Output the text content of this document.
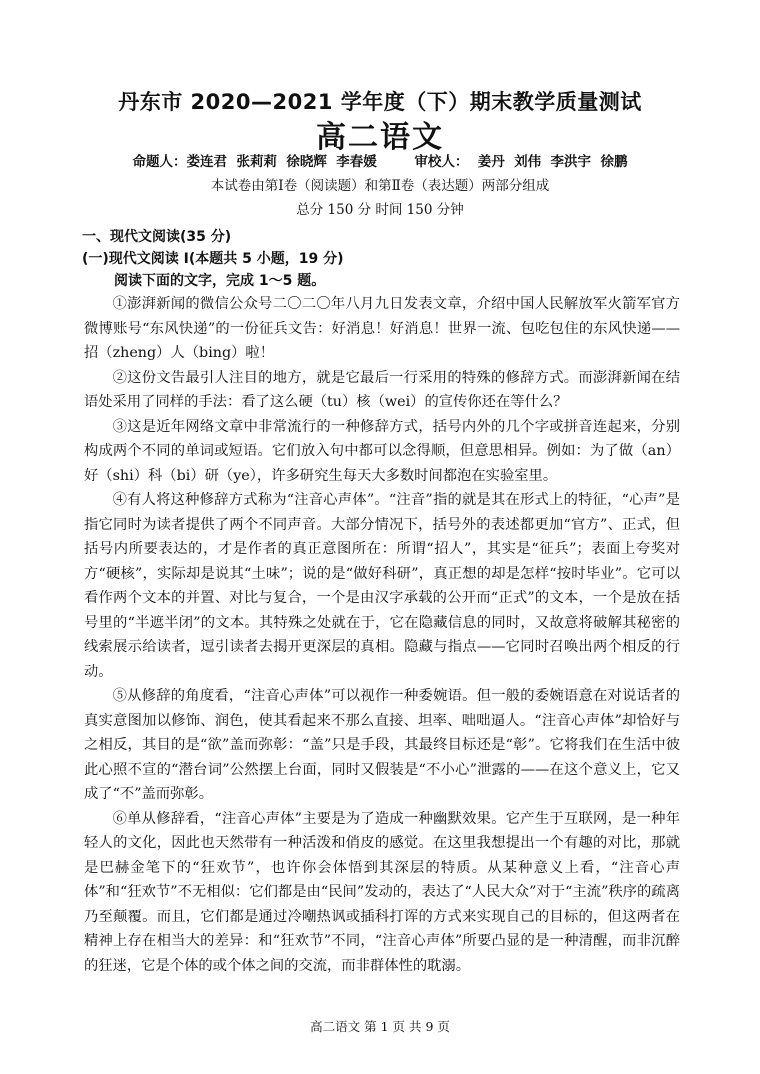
丹东市 2020—2021 学年度（下）期末教学质量测试
高二语文
命题人：娄连君  张莉莉  徐晓辉  李春媛        审校人：  姜丹  刘伟  李洪宇  徐鹏
本试卷由第Ⅰ卷（阅读题）和第Ⅱ卷（表达题）两部分组成
总分 150 分 时间 150 分钟
一、现代文阅读(35 分)
(一)现代文阅读 I(本题共 5 小题，19 分)
阅读下面的文字，完成 1～5 题。

①澎湃新闻的微信公众号二〇二〇年八月九日发表文章，介绍中国人民解放军火箭军官方微博账号“东风快递”的一份征兵文告：好消息！好消息！世界一流、包吃包住的东风快递——招（zheng）人（bing）啦！

②这份文告最引人注目的地方，就是它最后一行采用的特殊的修辞方式。而澎湃新闻在结语处采用了同样的手法：看了这么硬（tu）核（wei）的宣传你还在等什么？

③这是近年网络文章中非常流行的一种修辞方式，括号内外的几个字或拼音连起来，分别构成两个不同的单词或短语。它们放入句中都可以念得顺，但意思相异。例如：为了做（an）好（shi）科（bi）研（ye），许多研究生每天大多数时间都泡在实验室里。

④有人将这种修辞方式称为“注音心声体”。“注音”指的就是其在形式上的特征，“心声”是指它同时为读者提供了两个不同声音。大部分情况下，括号外的表述都更加“官方”、正式，但括号内所要表达的，才是作者的真正意图所在：所谓“招人”，其实是“征兵”；表面上夸奖对方“硬核”，实际却是说其“土味”；说的是“做好科研”，真正想的却是怎样“按时毕业”。它可以看作两个文本的并置、对比与复合，一个是由汉字承载的公开而“正式”的文本，一个是放在括号里的“半遮半闭”的文本。其特殊之处就在于，它在隐藏信息的同时，又故意将破解其秘密的线索展示给读者，逗引读者去揭开更深层的真相。隐藏与指点——它同时召唤出两个相反的行动。

⑤从修辞的角度看，“注音心声体”可以视作一种委婉语。但一般的委婉语意在对说话者的真实意图加以修饰、润色，使其看起来不那么直接、坦率、咄咄逼人。“注音心声体”却恰好与之相反，其目的是“欲”盖而弥彰：“盖”只是手段，其最终目标还是“彰”。它将我们在生活中彼此心照不宣的“潜台词”公然摆上台面，同时又假装是“不小心”泄露的——在这个意义上，它又成了“不”盖而弥彰。

⑥单从修辞看，“注音心声体”主要是为了造成一种幽默效果。它产生于互联网，是一种年轻人的文化，因此也天然带有一种活泼和俏皮的感觉。在这里我想提出一个有趣的对比，那就是巴赫金笔下的“狂欢节”，也许你会体悟到其深层的特质。从某种意义上看，“注音心声体”和“狂欢节”不无相似：它们都是由“民间”发动的，表达了“人民大众”对于“主流”秩序的疏离乃至颠覆。而且，它们都是通过冷嘲热讽或插科打诨的方式来实现自己的目标的，但这两者在精神上存在相当大的差异：和“狂欢节”不同，“注音心声体”所要凸显的是一种清醒，而非沉醉的狂迷，它是个体的或个体之间的交流，而非群体性的耽溺。

高二语文 第 1 页 共 9 页
